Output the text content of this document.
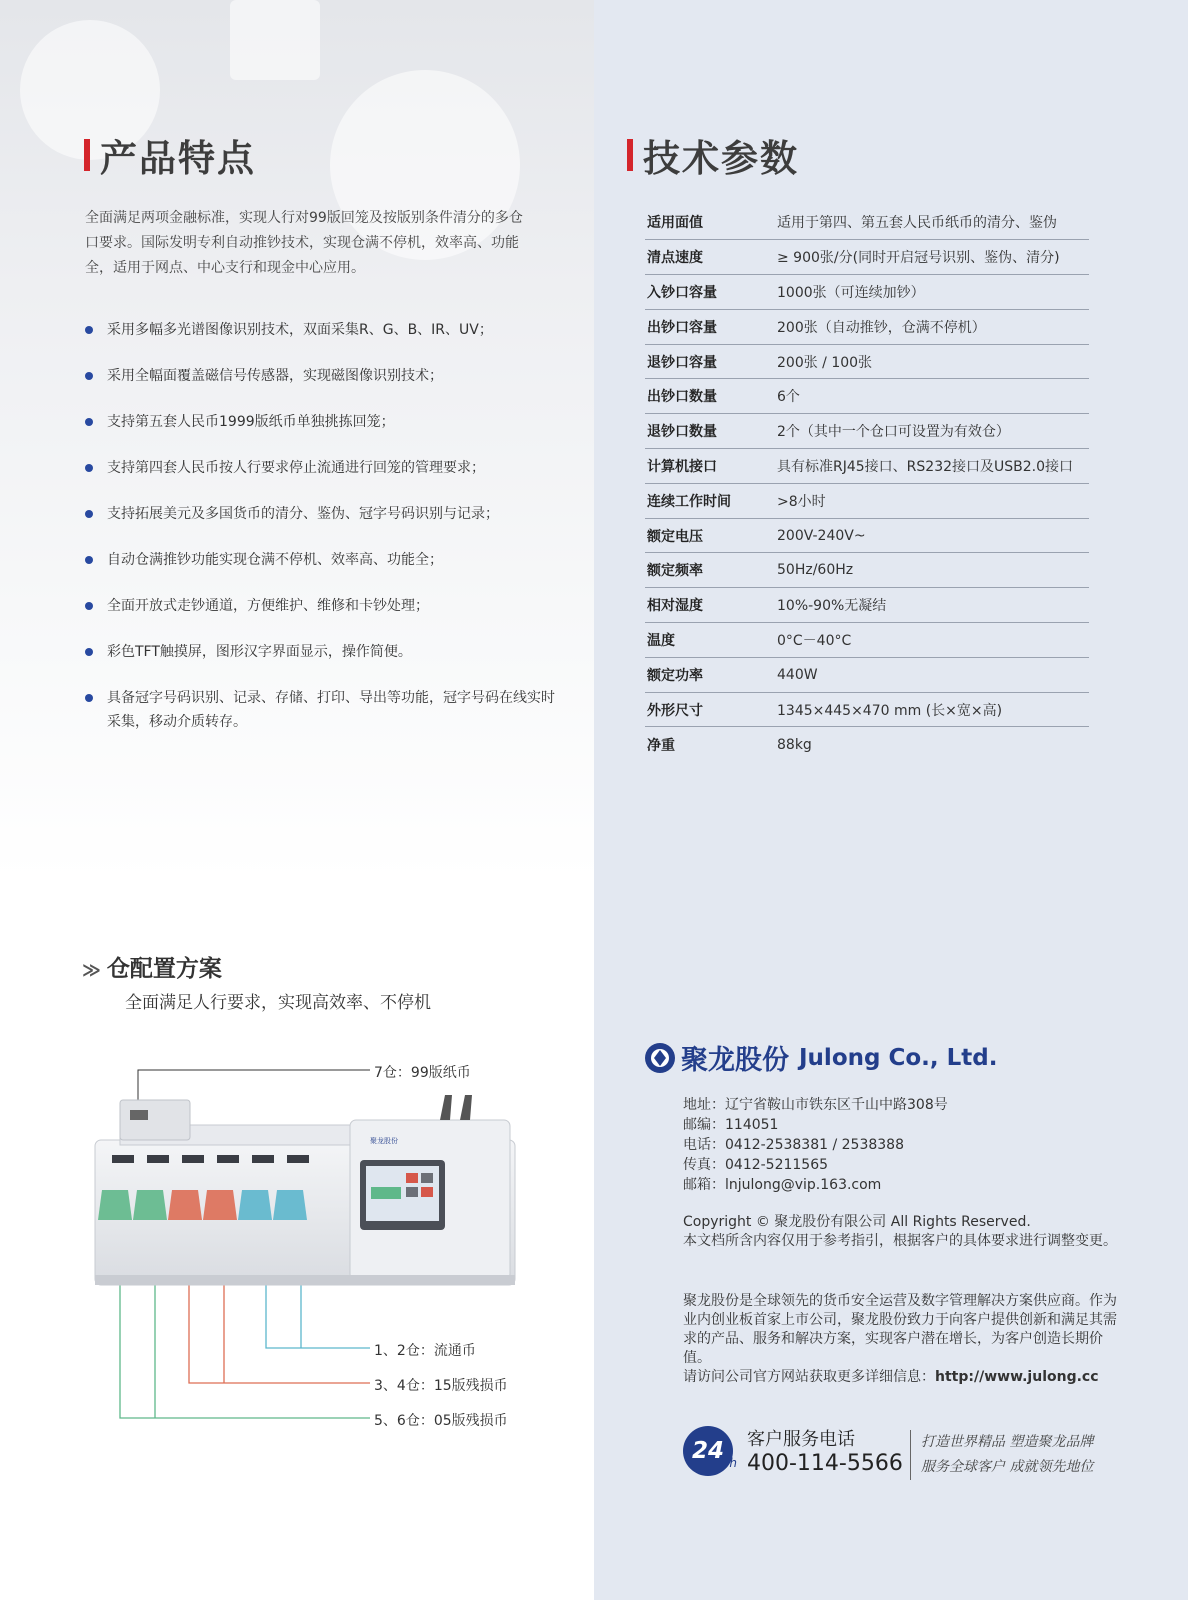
产品特点

全面满足两项金融标准，实现人行对99版回笼及按版别条件清分的多仓口要求。国际发明专利自动推钞技术，实现仓满不停机，效率高、功能全，适用于网点、中心支行和现金中心应用。

采用多幅多光谱图像识别技术，双面采集R、G、B、IR、UV；
采用全幅面覆盖磁信号传感器，实现磁图像识别技术；
支持第五套人民币1999版纸币单独挑拣回笼；
支持第四套人民币按人行要求停止流通进行回笼的管理要求；
支持拓展美元及多国货币的清分、鉴伪、冠字号码识别与记录；
自动仓满推钞功能实现仓满不停机、效率高、功能全；
全面开放式走钞通道，方便维护、维修和卡钞处理；
彩色TFT触摸屏，图形汉字界面显示，操作简便。
具备冠字号码识别、记录、存储、打印、导出等功能，冠字号码在线实时采集，移动介质转存。
技术参数
适用面值	适用于第四、第五套人民币纸币的清分、鉴伪
清点速度	≥ 900张/分(同时开启冠号识别、鉴伪、清分)
入钞口容量	1000张（可连续加钞）
出钞口容量	200张（自动推钞，仓满不停机）
退钞口容量	200张 / 100张
出钞口数量	6个
退钞口数量	2个（其中一个仓口可设置为有效仓）
计算机接口	具有标准RJ45接口、RS232接口及USB2.0接口
连续工作时间	>8小时
额定电压	200V-240V~
额定频率	50Hz/60Hz
相对湿度	10%-90%无凝结
温度	0°C－40°C
额定功率	440W
外形尺寸	1345×445×470 mm (长×宽×高)
净重	88kg
≫ 仓配置方案
全面满足人行要求，实现高效率、不停机
7仓：99版纸币
1、2仓：流通币
3、4仓：15版残损币
5、6仓：05版残损币
聚龙股份
聚龙股份 Julong Co., Ltd.
地址：辽宁省鞍山市铁东区千山中路308号
邮编：114051
电话：0412-2538381 / 2538388
传真：0412-5211565
邮箱：lnjulong@vip.163.com
Copyright © 聚龙股份有限公司 All Rights Reserved.
本文档所含内容仅用于参考指引，根据客户的具体要求进行调整变更。
聚龙股份是全球领先的货币安全运营及数字管理解决方案供应商。作为业内创业板首家上市公司，聚龙股份致力于向客户提供创新和满足其需求的产品、服务和解决方案，实现客户潜在增长，为客户创造长期价值。
请访问公司官方网站获取更多详细信息：http://www.julong.cc
24 h
客户服务电话
400-114-5566
打造世界精品 塑造聚龙品牌
服务全球客户 成就领先地位
